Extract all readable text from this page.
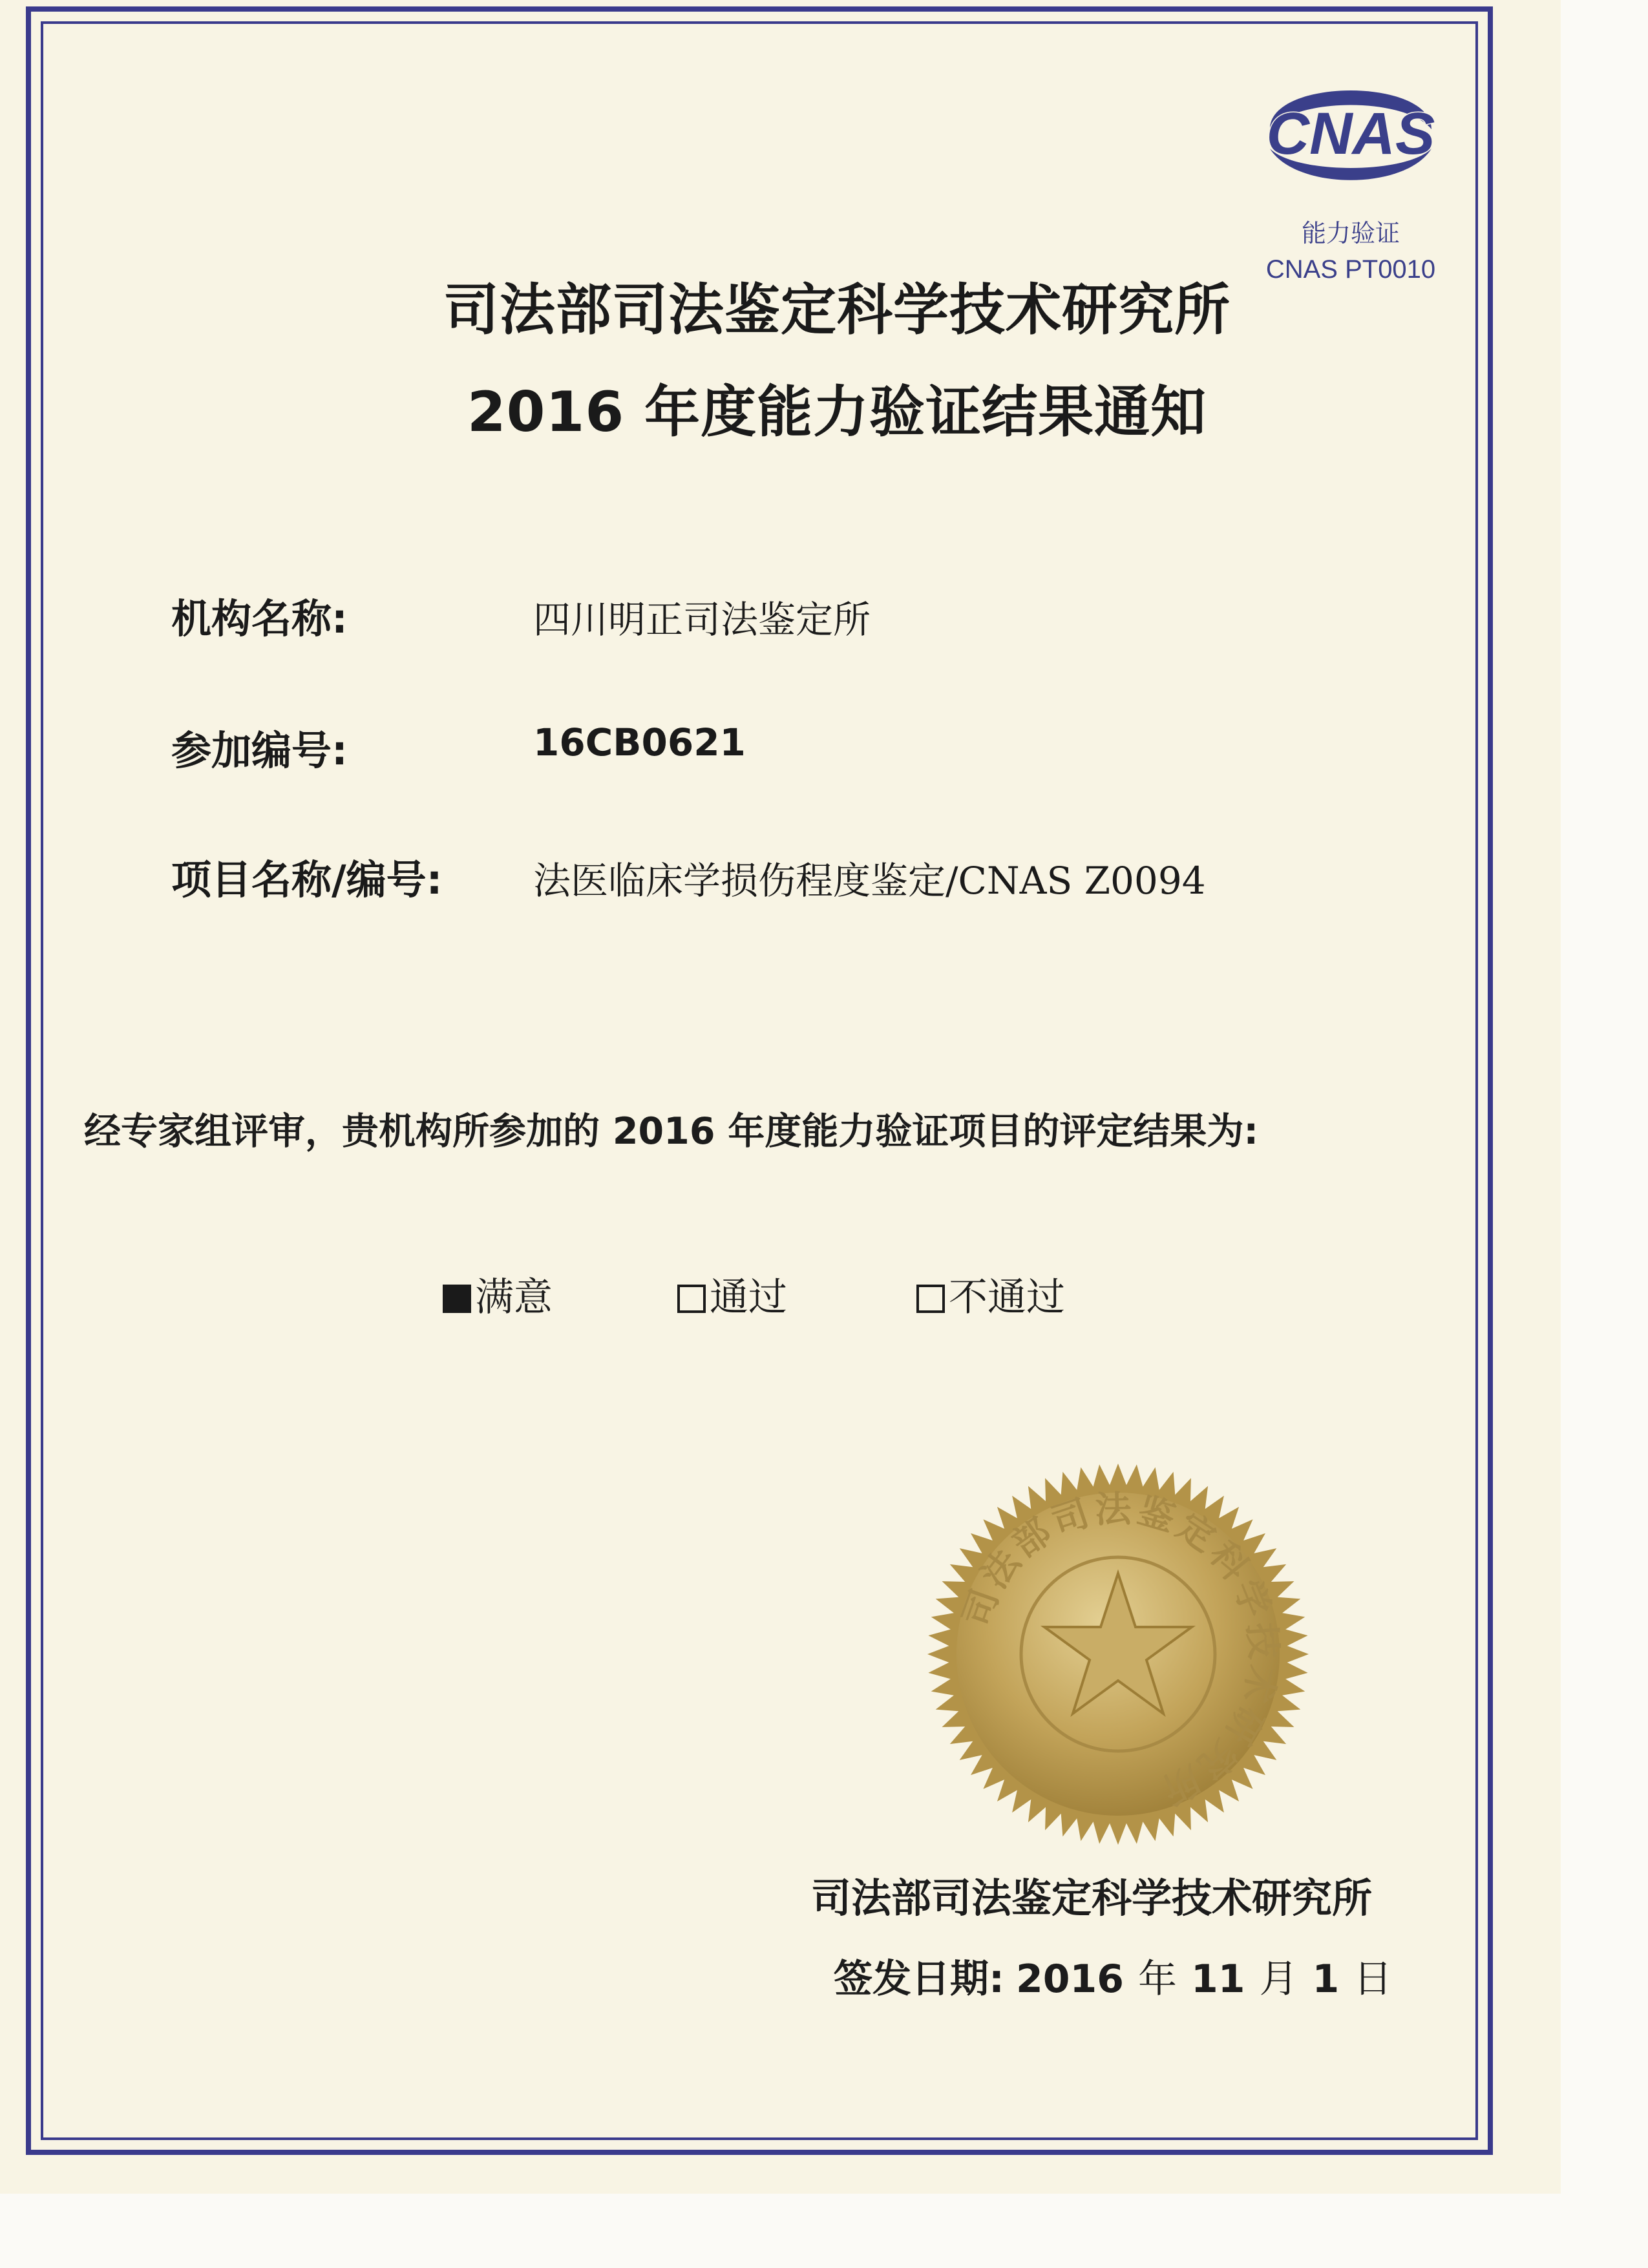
CNAS
能力验证
CNAS PT0010
司法部司法鉴定科学技术研究所
2016 年度能力验证结果通知
机构名称:	四川明正司法鉴定所
参加编号:	16CB0621
项目名称/编号: 法医临床学损伤程度鉴定/CNAS Z0094
经专家组评审，贵机构所参加的 2016 年度能力验证项目的评定结果为:
满意	通过	不通过
司法部司法鉴定科学技术研究所
司法部司法鉴定科学技术研究所
签发日期: 2016 年 11 月 1 日
